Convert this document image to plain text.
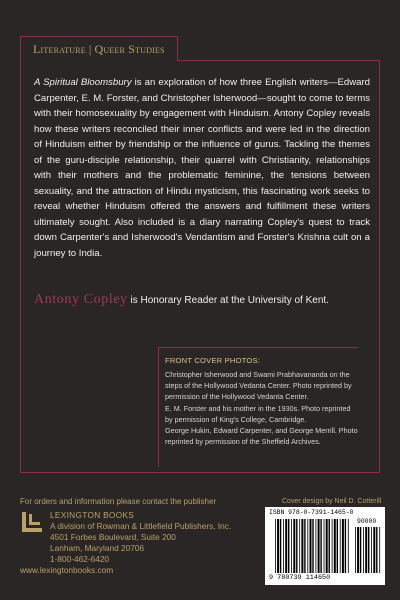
Literature | Queer Studies
A Spiritual Bloomsbury is an exploration of how three English writers—Edward Carpenter, E. M. Forster, and Christopher Isherwood—sought to come to terms with their homosexuality by engagement with Hinduism. Antony Copley reveals how these writers reconciled their inner conflicts and were led in the direction of Hinduism either by friendship or the influence of gurus. Tackling the themes of the guru-disciple relationship, their quarrel with Christianity, relationships with their mothers and the problematic feminine, the tensions between sexuality, and the attraction of Hindu mysticism, this fascinating work seeks to reveal whether Hinduism offered the answers and fulfillment these writers ultimately sought. Also included is a diary narrating Copley's quest to track down Carpenter's and Isherwood's Vendantism and Forster's Krishna cult on a journey to India.
Antony Copley is Honorary Reader at the University of Kent.
FRONT COVER PHOTOS:

Christopher Isherwood and Swami Prabhavananda on the steps of the Hollywood Vedanta Center. Photo reprinted by permission of the Hollywood Vedanta Center.

E. M. Forster and his mother in the 1930s. Photo reprinted by permission of King's College, Cambridge.

George Hukin, Edward Carpenter, and George Merrill. Photo reprinted by permission of the Sheffield Archives.

For orders and information please contact the publisher
LEXINGTON BOOKS
A division of Rowman & Littlefield Publishers, Inc.
4501 Forbes Boulevard, Suite 200
Lanham, Maryland 20706
1-800-462-6420
www.lexingtonbooks.com
Cover design by Neil D. Cotterill
ISBN 978-0-7391-1465-0
90000
9 780739 114650
